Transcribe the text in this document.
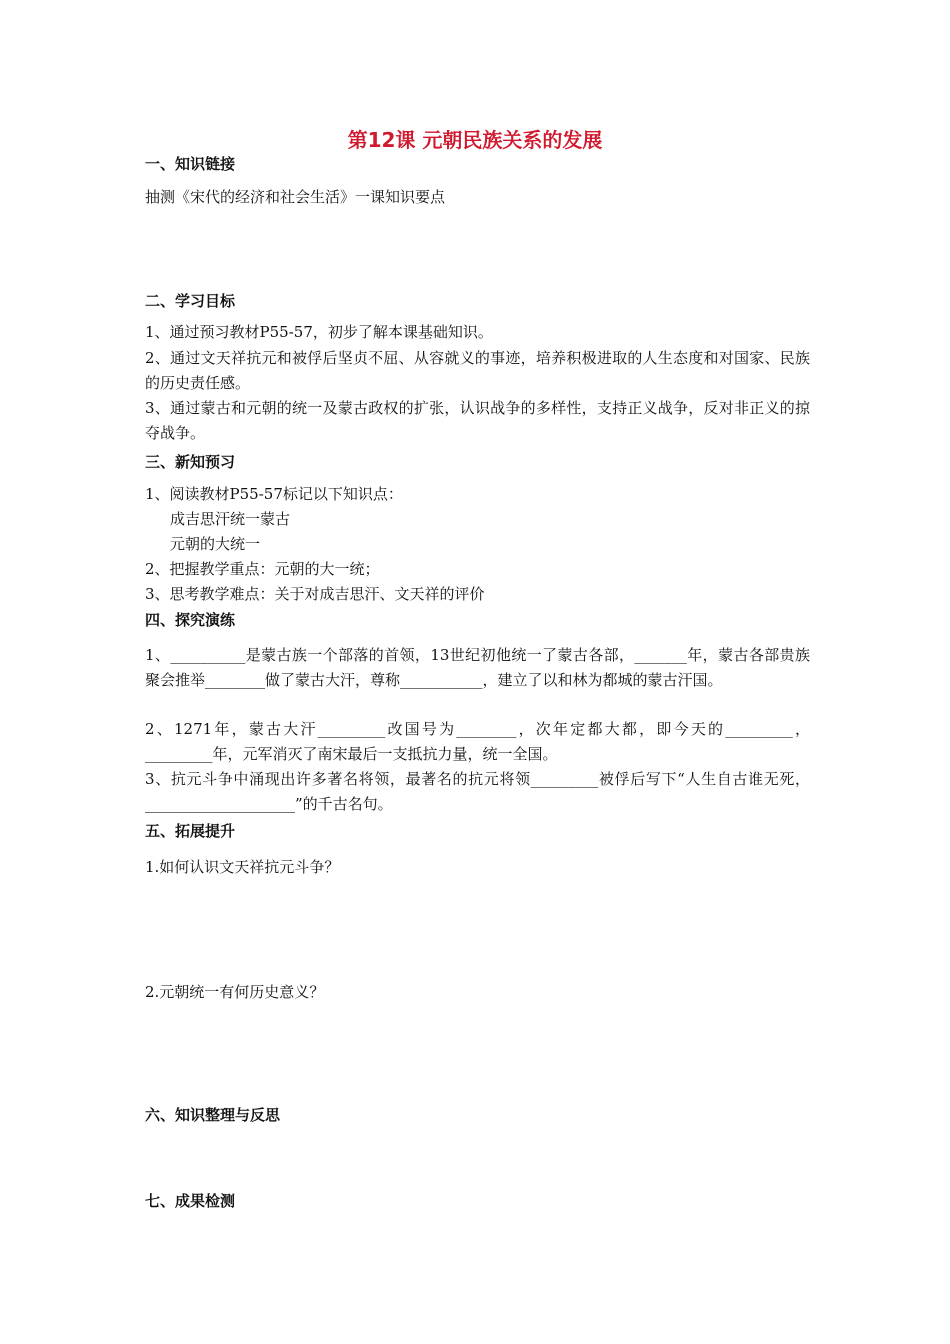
第12课 元朝民族关系的发展
一、知识链接
抽测《宋代的经济和社会生活》一课知识要点
二、学习目标
1、通过预习教材P55-57，初步了解本课基础知识。
2、通过文天祥抗元和被俘后坚贞不屈、从容就义的事迹，培养积极进取的人生态度和对国家、民族的历史责任感。
3、通过蒙古和元朝的统一及蒙古政权的扩张，认识战争的多样性，支持正义战争，反对非正义的掠夺战争。
三、新知预习
1、阅读教材P55-57标记以下知识点：
成吉思汗统一蒙古
元朝的大统一
2、把握教学重点：元朝的大一统；
3、思考教学难点：关于对成吉思汗、文天祥的评价
四、探究演练
1、__________是蒙古族一个部落的首领，13世纪初他统一了蒙古各部，_______年，蒙古各部贵族聚会推举________做了蒙古大汗，尊称___________，建立了以和林为都城的蒙古汗国。
2、1271年，蒙古大汗_________改国号为________，次年定都大都，即今天的_________，_________年，元军消灭了南宋最后一支抵抗力量，统一全国。
3、抗元斗争中涌现出许多著名将领，最著名的抗元将领_________被俘后写下“人生自古谁无死，____________________”的千古名句。
五、拓展提升
1.如何认识文天祥抗元斗争？
2.元朝统一有何历史意义？
六、知识整理与反思
七、成果检测
